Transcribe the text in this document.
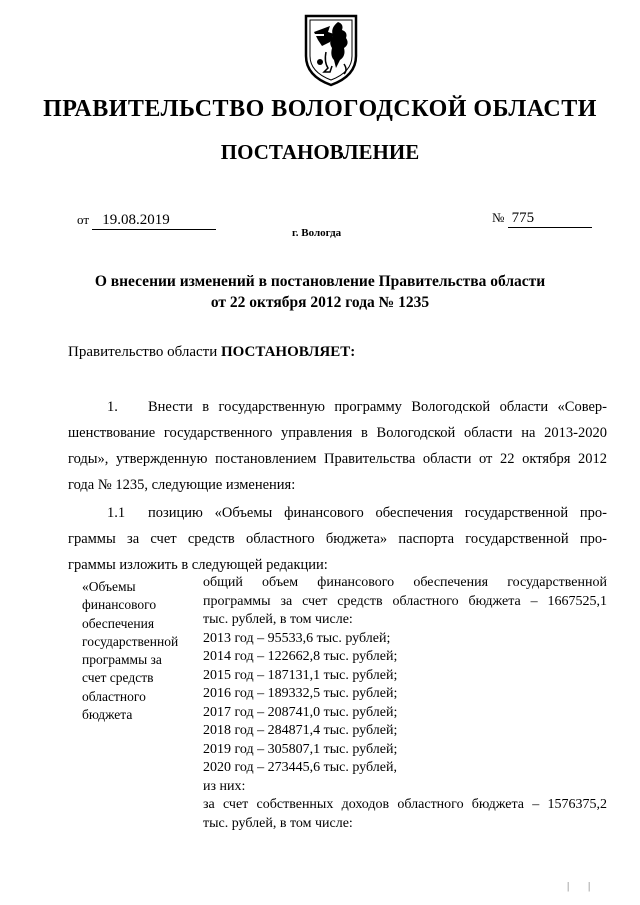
ПРАВИТЕЛЬСТВО ВОЛОГОДСКОЙ ОБЛАСТИ
ПОСТАНОВЛЕНИЕ
от 19.08.2019	№ 775
г. Вологда
О внесении изменений в постановление Правительства области
от 22 октября 2012 года № 1235
Правительство области ПОСТАНОВЛЯЕТ:
1. Внести в государственную программу Вологодской области «Совер-
шенствование государственного управления в Вологодской области на 2013-2020
годы», утвержденную постановлением Правительства области от 22 октября 2012
года № 1235, следующие изменения:
1.1 позицию «Объемы финансового обеспечения государственной про-
граммы за счет средств областного бюджета» паспорта государственной про-
граммы изложить в следующей редакции:
«Объемы
финансового
обеспечения
государственной
программы за
счет средств
областного
бюджета
общий объем финансового обеспечения государственной
программы за счет средств областного бюджета – 1667525,1
тыс. рублей, в том числе:
2013 год – 95533,6 тыс. рублей;
2014 год – 122662,8 тыс. рублей;
2015 год – 187131,1 тыс. рублей;
2016 год – 189332,5 тыс. рублей;
2017 год – 208741,0 тыс. рублей;
2018 год – 284871,4 тыс. рублей;
2019 год – 305807,1 тыс. рублей;
2020 год – 273445,6 тыс. рублей,
из них:
за счет собственных доходов областного бюджета – 1576375,2
тыс. рублей, в том числе:
| |
